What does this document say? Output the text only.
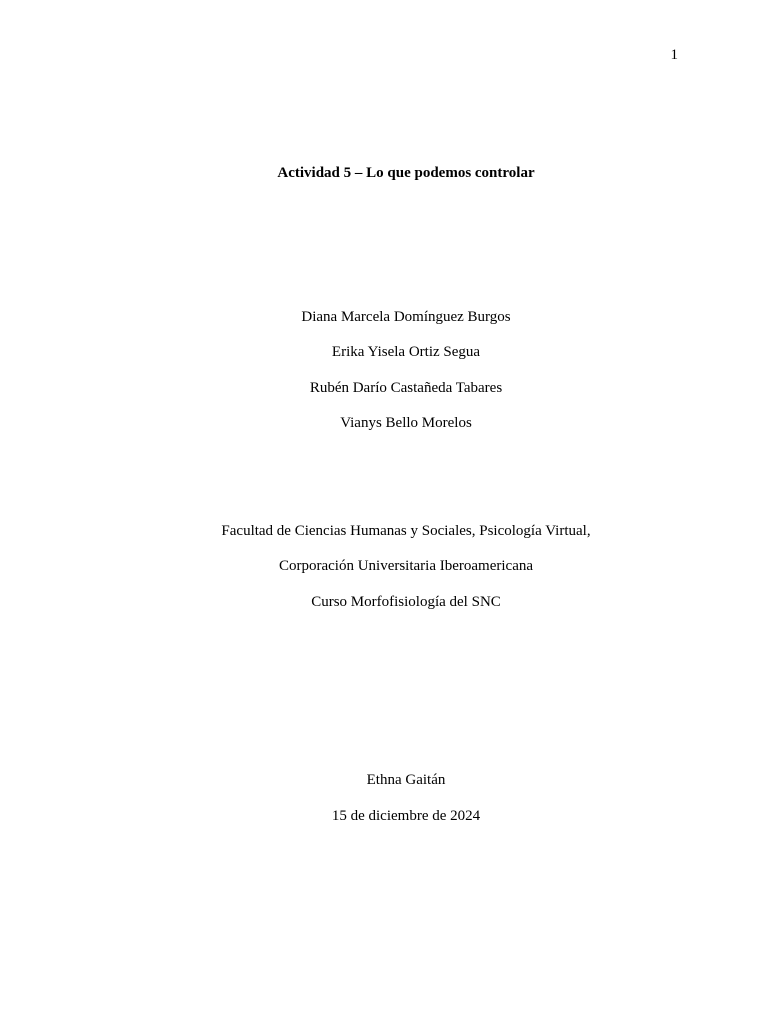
1
Actividad 5 – Lo que podemos controlar
Diana Marcela Domínguez Burgos
Erika Yisela Ortiz Segua
Rubén Darío Castañeda Tabares
Vianys Bello Morelos
Facultad de Ciencias Humanas y Sociales, Psicología Virtual,
Corporación Universitaria Iberoamericana
Curso Morfofisiología del SNC
Ethna Gaitán
15 de diciembre de 2024
